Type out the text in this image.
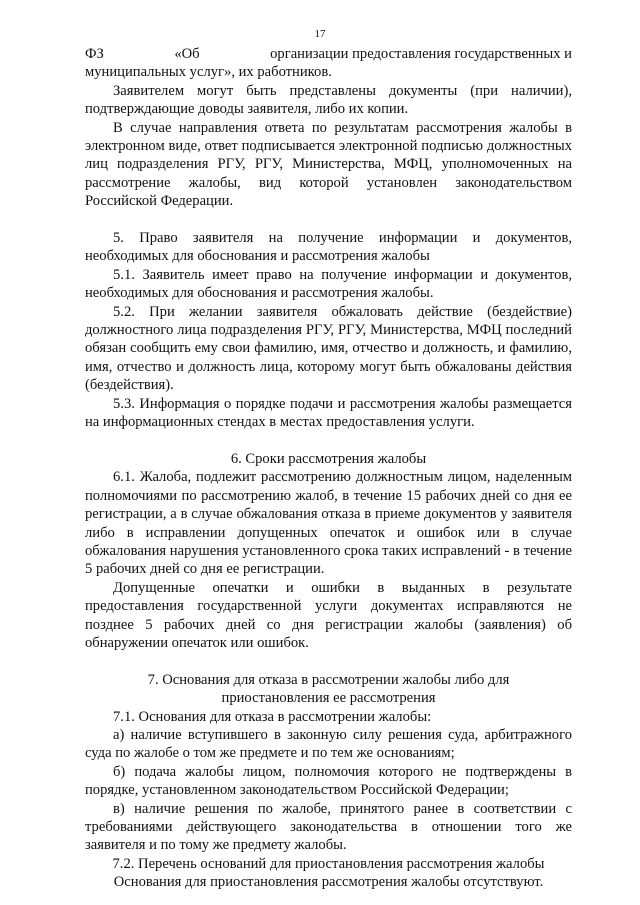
17
ФЗ	«Об	организации предоставления государственных и

муниципальных услуг», их работников.

Заявителем могут быть представлены документы (при наличии), подтверждающие доводы заявителя, либо их копии.

В случае направления ответа по результатам рассмотрения жалобы в электронном виде, ответ подписывается электронной подписью должностных лиц подразделения РГУ, РГУ, Министерства, МФЦ, уполномоченных на рассмотрение жалобы, вид которой установлен законодательством Российской Федерации.

5. Право заявителя на получение информации и документов, необходимых для обоснования и рассмотрения жалобы

5.1. Заявитель имеет право на получение информации и документов, необходимых для обоснования и рассмотрения жалобы.

5.2. При желании заявителя обжаловать действие (бездействие) должностного лица подразделения РГУ, РГУ, Министерства, МФЦ последний обязан сообщить ему свои фамилию, имя, отчество и должность, и фамилию, имя, отчество и должность лица, которому могут быть обжалованы действия (бездействия).

5.3. Информация о порядке подачи и рассмотрения жалобы размещается на информационных стендах в местах предоставления услуги.

6. Сроки рассмотрения жалобы

6.1. Жалоба, подлежит рассмотрению должностным лицом, наделенным полномочиями по рассмотрению жалоб, в течение 15 рабочих дней со дня ее регистрации, а в случае обжалования отказа в приеме документов у заявителя либо в исправлении допущенных опечаток и ошибок или в случае обжалования нарушения установленного срока таких исправлений - в течение 5 рабочих дней со дня ее регистрации.

Допущенные опечатки и ошибки в выданных в результате предоставления государственной услуги документах исправляются не позднее 5 рабочих дней со дня регистрации жалобы (заявления) об обнаружении опечаток или ошибок.

7. Основания для отказа в рассмотрении жалобы либо для

приостановления ее рассмотрения

7.1. Основания для отказа в рассмотрении жалобы:

а) наличие вступившего в законную силу решения суда, арбитражного суда по жалобе о том же предмете и по тем же основаниям;

б) подача жалобы лицом, полномочия которого не подтверждены в порядке, установленном законодательством Российской Федерации;

в) наличие решения по жалобе, принятого ранее в соответствии с требованиями действующего законодательства в отношении того же заявителя и по тому же предмету жалобы.

7.2. Перечень оснований для приостановления рассмотрения жалобы

Основания для приостановления рассмотрения жалобы отсутствуют.
